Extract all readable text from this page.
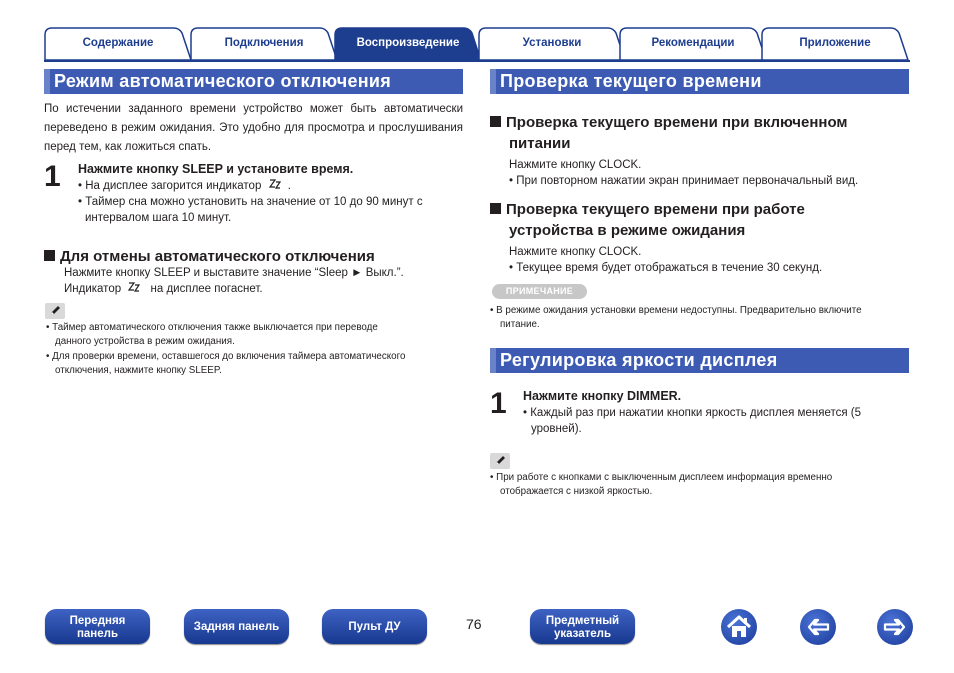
Содержание	Подключения	Воспроизведение	Установки	Рекомендации	Приложение
Режим автоматического отключения
По истечении заданного времени устройство может быть автоматически переведено в режим ожидания. Это удобно для просмотра и прослушивания перед тем, как ложиться спать.
1 Нажмите кнопку SLEEP и установите время.
• На дисплее загорится индикатор .
• Таймер сна можно установить на значение от 10 до 90 минут с
интервалом шага 10 минут.
Для отмены автоматического отключения
Нажмите кнопку SLEEP и выставите значение “Sleep ► Выкл.”.
Индикатор	на дисплее погаснет.
• Таймер автоматического отключения также выключается при переводе
данного устройства в режим ожидания.
• Для проверки времени, оставшегося до включения таймера автоматического
отключения, нажмите кнопку SLEEP.
Проверка текущего времени
Проверка текущего времени при включенном
питании
Нажмите кнопку CLOCK.
• При повторном нажатии экран принимает первоначальный вид.
Проверка текущего времени при работе
устройства в режиме ожидания
Нажмите кнопку CLOCK.
• Текущее время будет отображаться в течение 30 секунд.
ПРИМЕЧАНИЕ
• В режиме ожидания установки времени недоступны. Предварительно включите
питание.
Регулировка яркости дисплея
1 Нажмите кнопку DIMMER.
• Каждый раз при нажатии кнопки яркость дисплея меняется (5
уровней).
• При работе с кнопками с выключенным дисплеем информация временно
отображается с низкой яркостью.
Передняя
панель
Задняя панель	Пульт ДУ	76	Предметный
указатель
